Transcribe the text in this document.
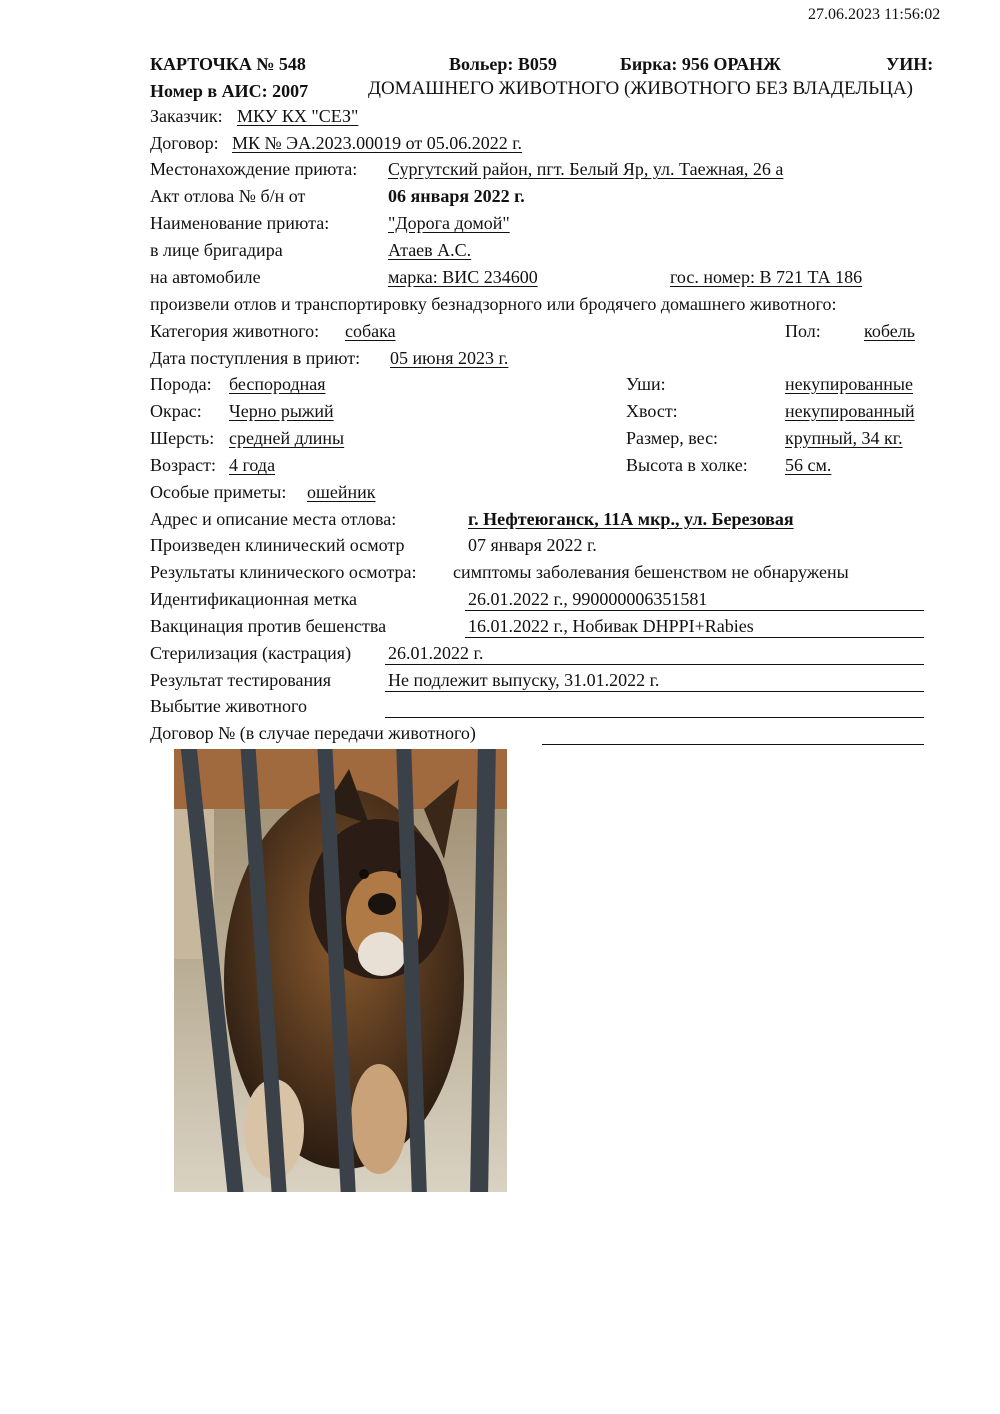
27.06.2023 11:56:02
КАРТОЧКА № 548	Вольер: В059	Бирка: 956 ОРАНЖ	УИН:
Номер в АИС: 2007	ДОМАШНЕГО ЖИВОТНОГО (ЖИВОТНОГО БЕЗ ВЛАДЕЛЬЦА)
Заказчик: МКУ КХ "СЕЗ"
Договор: МК № ЭА.2023.00019 от 05.06.2022 г.
Местонахождение приюта: Сургутский район, пгт. Белый Яр, ул. Таежная, 26 а
Акт отлова № б/н от	06 января 2022 г.
Наименование приюта:	"Дорога домой"
в лице бригадира	Атаев А.С.
на автомобиле	марка: ВИС 234600	гос. номер: В 721 ТА 186
произвели отлов и транспортировку безнадзорного или бродячего домашнего животного:
Категория животного: собака	Пол: кобель
Дата поступления в приют: 05 июня 2023 г.
Порода: беспородная	Уши:	некупированные
Окрас: Черно рыжий	Хвост:	некупированный
Шерсть: средней длины	Размер, вес:	крупный, 34 кг.
Возраст: 4 года	Высота в холке: 56 см.
Особые приметы: ошейник
Адрес и описание места отлова:	г. Нефтеюганск, 11А мкр., ул. Березовая
Произведен клинический осмотр	07 января 2022 г.
Результаты клинического осмотра: симптомы заболевания бешенством не обнаружены
Идентификационная метка	26.01.2022 г., 990000006351581
Вакцинация против бешенства	16.01.2022 г., Нобивак DHPPI+Rabies
Стерилизация (кастрация) 26.01.2022 г.
Результат тестирования	Не подлежит выпуску, 31.01.2022 г.
Выбытие животного
Договор № (в случае передачи животного)
